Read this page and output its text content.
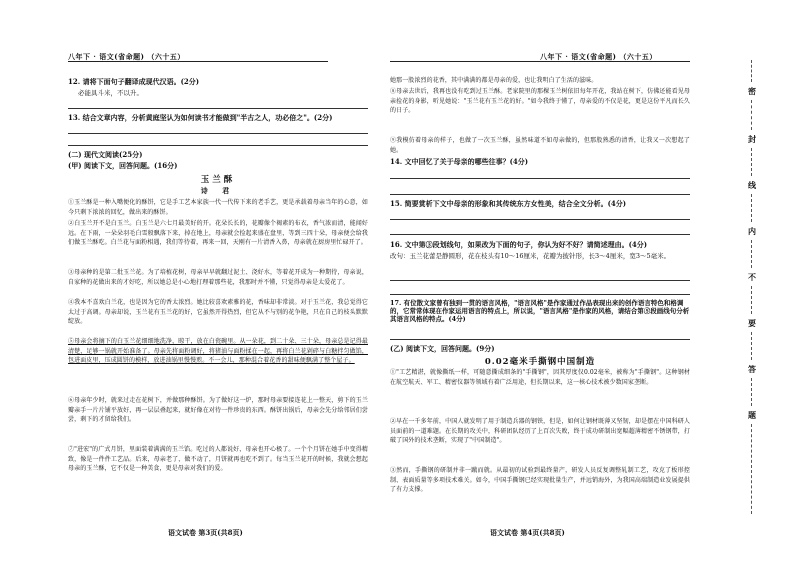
八年下 · 语文(省命题) （六十五）
12. 请将下面句子翻译成现代汉语。(2分)
必能具斗米，不以升。
13. 结合文章内容，分析黄庭坚认为如何读书才能做到"半古之人，功必倍之"。(2分)
(二) 现代文阅读(25分)
(甲) 阅读下文，回答问题。(16分)
玉兰酥
诗 君
①玉兰酥是一种入嘴便化的酥饼，它是手工艺本家族一代一代传下来的老手艺，更是承载着母亲当年的心意，如今只剩下浓浓的回忆，做出来的酥饼。
②白玉兰开不是白玉兰。白玉兰是六七月最美好的开。花朵长长的，花瓣像个褐素的布衣，香气浓而清，能闻好远。在下雨，一朵朵羽毛白雪般飘落下来，掉在地上，母亲就会捡起来盛在盘里，等到三四十朵，母亲便会给我们做玉兰酥吃。白兰花与面粉相遇，我们等待着，再来一回，天刚有一片清香入鼻，母亲就在厨房里忙碌开了。
③母亲种的是第二批玉兰花。为了培植花树，母亲早早就翻过泥土、浇好水，等着花开成为一种期待，母亲说，自家种的花做出来的才好吃，所以她总是小心地打理着那些花，我那时并不懂，只觉得母亲是太爱花了。
④我本不喜欢白兰花，也是因为它的香太浓烈。她比较喜欢素雅的花，香味却非常淡。对于玉兰花，我总觉得它太过于高调。母亲却说，玉兰花有玉兰花的好，它虽然开得热烈，但它从不与别的花争艳，只在自己的枝头默默绽放。
⑤母亲会将摘下的白玉兰花细细地洗净，晾干，放在白瓷碗里。从一朵花，到二十朵、三十朵，母亲总是记得最清楚，足够一锅就开始准备了。母亲先将面粉调好，将猪油与面粉揉在一起，再将白兰花剁碎与白糖拌匀做馅，包进面皮里，压成圆饼的模样，放进油锅里慢慢煎。不一会儿，那种混合着花香的甜味便飘满了整个屋子。
⑥母亲年少时，就来过走在花树下，并做那种酥饼。为了做好这一炉，那时母亲要接连花上一整天，剪下的玉兰瓣亲手一片片铺平放好，再一层层叠起来，就好像在对待一件珍贵的东西。酥饼出锅后，母亲会先分给邻居们尝尝，剩下的才留给我们。
⑦"进宏"的广式月饼，里面装着满满的玉兰馅。吃过的人都说好，母亲也开心极了。一个个月饼在她手中变得精致，像是一件件工艺品。后来，母亲老了，做不动了，月饼就再也吃不到了。每当玉兰花开的时候，我就会想起母亲的玉兰酥，它不仅是一种美食，更是母亲对我们的爱。
语文试卷 第3页(共8页)
八年下 · 语文(省命题) （六十五）
她那一股浓烈的花香，其中满满的都是母亲的爱，也让我明白了生活的滋味。
⑧母亲去世后，我再也没有吃到过玉兰酥。老家院里的那棵玉兰树依旧每年开花，我站在树下，仿佛还能看见母亲捡花的身影，听见她说："玉兰花有玉兰花的好。"如今我终于懂了，母亲爱的不仅是花，更是这份平凡而长久的日子。
⑨我模仿着母亲的样子，也做了一次玉兰酥，虽然味道不如母亲做的，但那股熟悉的清香，让我又一次想起了她。
14. 文中回忆了关于母亲的哪些往事？(4分)
15. 简要赏析下文中母亲的形象和其传统东方女性美，结合全文分析。(4分)
16. 文中第③段划线句，如果改为下面的句子，你认为好不好？请简述理由。(4分)
改句：玉兰花蕾是静圆形，花在枝头有10～16厘米，花瓣为披针形，长3～4厘米，宽3～5毫米。
17. 有位散文家曾有独到一贯的语言风格，"语言风格"是作家通过作品表现出来的创作语言特色和格调的，它常常体现在作家运用语言的特点上，所以说，"语言风格"是作家的风格，请结合第⑤段画线句分析其语言风格的特点。(4分)
(乙) 阅读下文，回答问题。(9分)
0.02毫米手撕钢中国制造
①"工艺精湛，就像撕纸一样，可随意撕成细条的"手撕钢"，因其厚度仅0.02毫米，被称为"手撕钢"。这种钢材在航空航天、军工、精密仪器等领域有着广泛用途，但长期以来，这一核心技术被少数国家垄断。
②早在一千多年前，中国人就发明了用于制造兵器的钢铁，但是，如何让钢材既薄又坚韧，却是摆在中国科研人员面前的一道难题。在长期的攻关中，科研团队经历了上百次失败，终于成功研制出宽幅超薄精密不锈钢带，打破了国外的技术垄断，实现了"中国制造"。
③然而，手撕钢的研制并非一蹴而就。从最初的试验到最终量产，研发人员反复调整轧制工艺，攻克了板形控制、表面质量等多项技术难关。如今，中国手撕钢已经实现批量生产，并远销海外，为我国高端制造业发展提供了有力支撑。
语文试卷 第4页(共8页)
密
封
线
内
不
要
答
题
